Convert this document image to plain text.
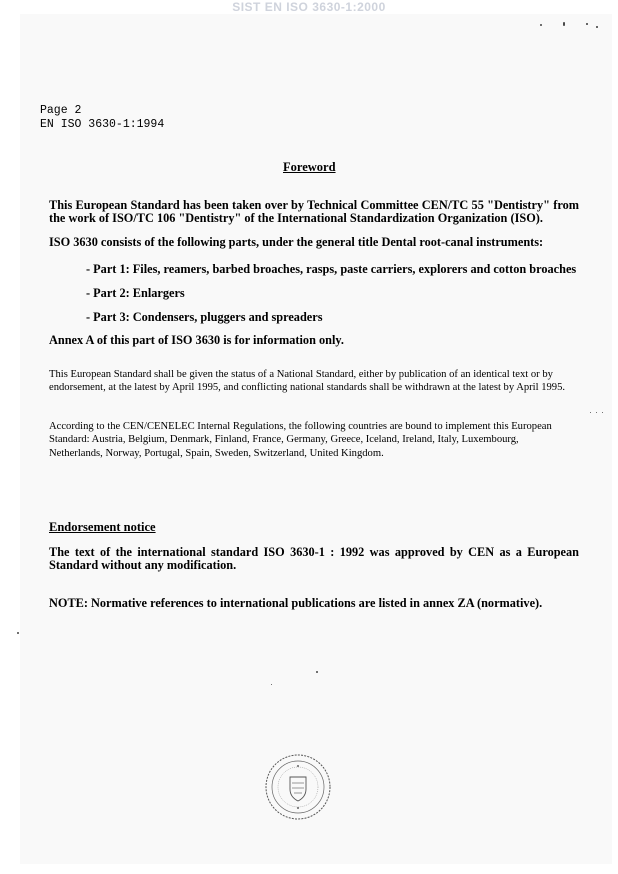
SIST EN ISO 3630-1:2000
Page 2
EN ISO 3630-1:1994
Foreword
This European Standard has been taken over by Technical Committee CEN/TC 55 "Dentistry" from the work of ISO/TC 106 "Dentistry" of the International Standardization Organization (ISO).
ISO 3630 consists of the following parts, under the general title Dental root-canal instruments:
- Part 1: Files, reamers, barbed broaches, rasps, paste carriers, explorers and cotton broaches
- Part 2: Enlargers
- Part 3: Condensers, pluggers and spreaders
Annex A of this part of ISO 3630 is for information only.
This European Standard shall be given the status of a National Standard, either by publication of an identical text or by endorsement, at the latest by April 1995, and conflicting national standards shall be withdrawn at the latest by April 1995.
According to the CEN/CENELEC Internal Regulations, the following countries are bound to implement this European Standard: Austria, Belgium, Denmark, Finland, France, Germany, Greece, Iceland, Ireland, Italy, Luxembourg, Netherlands, Norway, Portugal, Spain, Sweden, Switzerland, United Kingdom.
Endorsement notice
The text of the international standard ISO 3630-1 : 1992 was approved by CEN as a European Standard without any modification.
NOTE: Normative references to international publications are listed in annex ZA (normative).
